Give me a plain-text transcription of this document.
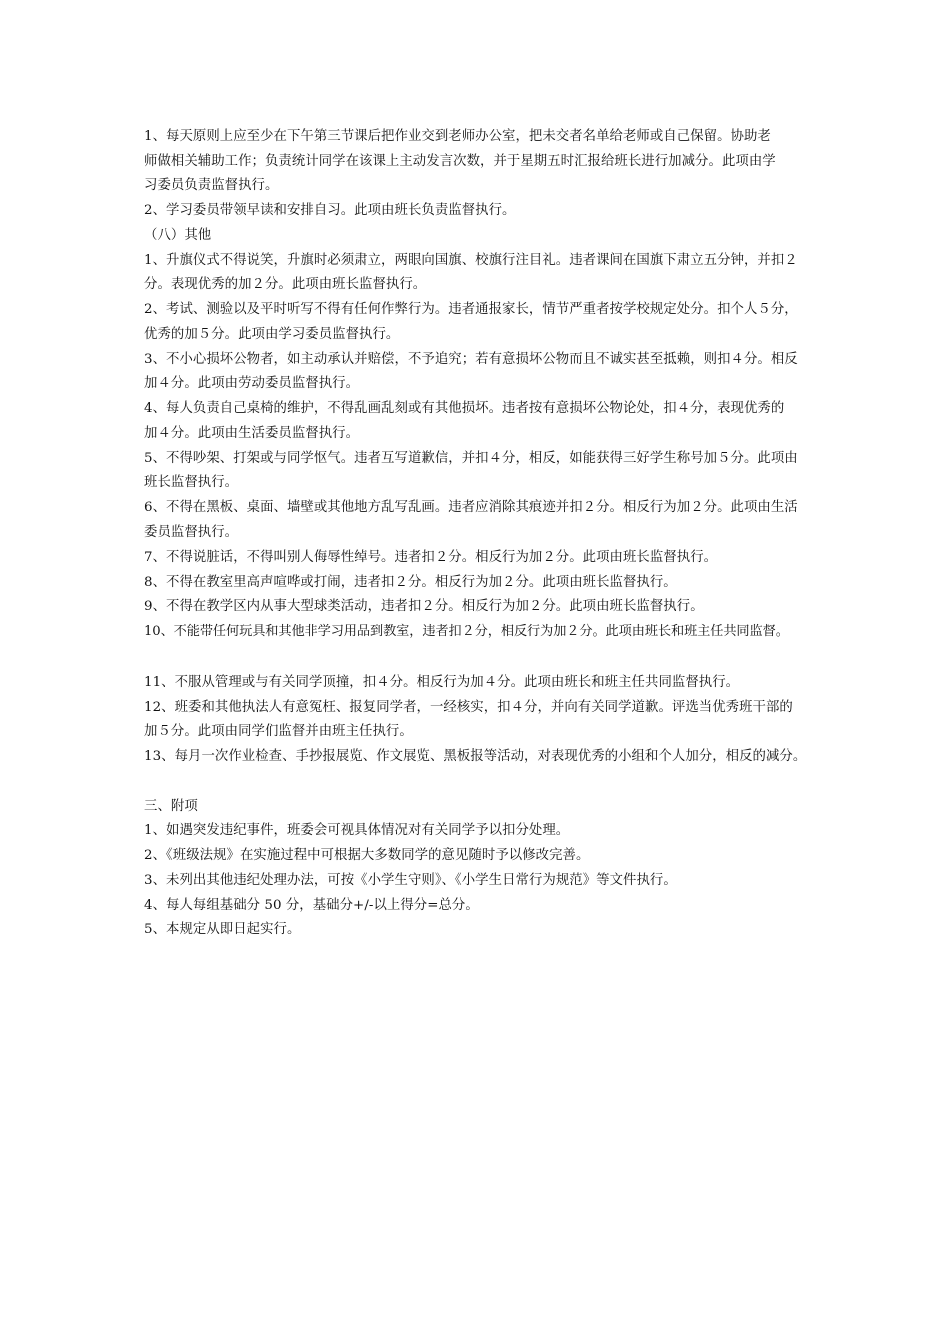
1、每天原则上应至少在下午第三节课后把作业交到老师办公室，把未交者名单给老师或自己保留。协助老
师做相关辅助工作；负责统计同学在该课上主动发言次数，并于星期五时汇报给班长进行加减分。此项由学
习委员负责监督执行。
2、学习委员带领早读和安排自习。此项由班长负责监督执行。
（八）其他
1、升旗仪式不得说笑，升旗时必须肃立，两眼向国旗、校旗行注目礼。违者课间在国旗下肃立五分钟，并扣２
分。表现优秀的加２分。此项由班长监督执行。
2、考试、测验以及平时听写不得有任何作弊行为。违者通报家长，情节严重者按学校规定处分。扣个人５分，
优秀的加５分。此项由学习委员监督执行。
3、不小心损坏公物者，如主动承认并赔偿，不予追究；若有意损坏公物而且不诚实甚至抵赖，则扣４分。相反
加４分。此项由劳动委员监督执行。
4、每人负责自己桌椅的维护，不得乱画乱刻或有其他损坏。违者按有意损坏公物论处，扣４分，表现优秀的
加４分。此项由生活委员监督执行。
5、不得吵架、打架或与同学怄气。违者互写道歉信，并扣４分，相反，如能获得三好学生称号加５分。此项由
班长监督执行。
6、不得在黑板、桌面、墙壁或其他地方乱写乱画。违者应消除其痕迹并扣２分。相反行为加２分。此项由生活
委员监督执行。
7、不得说脏话，不得叫别人侮辱性绰号。违者扣２分。相反行为加２分。此项由班长监督执行。
8、不得在教室里高声喧哗或打闹，违者扣２分。相反行为加２分。此项由班长监督执行。
9、不得在教学区内从事大型球类活动，违者扣２分。相反行为加２分。此项由班长监督执行。
10、不能带任何玩具和其他非学习用品到教室，违者扣２分，相反行为加２分。此项由班长和班主任共同监督。
11、不服从管理或与有关同学顶撞，扣４分。相反行为加４分。此项由班长和班主任共同监督执行。
12、班委和其他执法人有意冤枉、报复同学者，一经核实，扣４分，并向有关同学道歉。评选当优秀班干部的
加５分。此项由同学们监督并由班主任执行。
13、每月一次作业检查、手抄报展览、作文展览、黑板报等活动，对表现优秀的小组和个人加分，相反的减分。
三、附项
1、如遇突发违纪事件，班委会可视具体情况对有关同学予以扣分处理。
2、《班级法规》在实施过程中可根据大多数同学的意见随时予以修改完善。
3、未列出其他违纪处理办法，可按《小学生守则》、《小学生日常行为规范》等文件执行。
4、每人每组基础分 50 分，基础分+/-以上得分=总分。
5、本规定从即日起实行。
